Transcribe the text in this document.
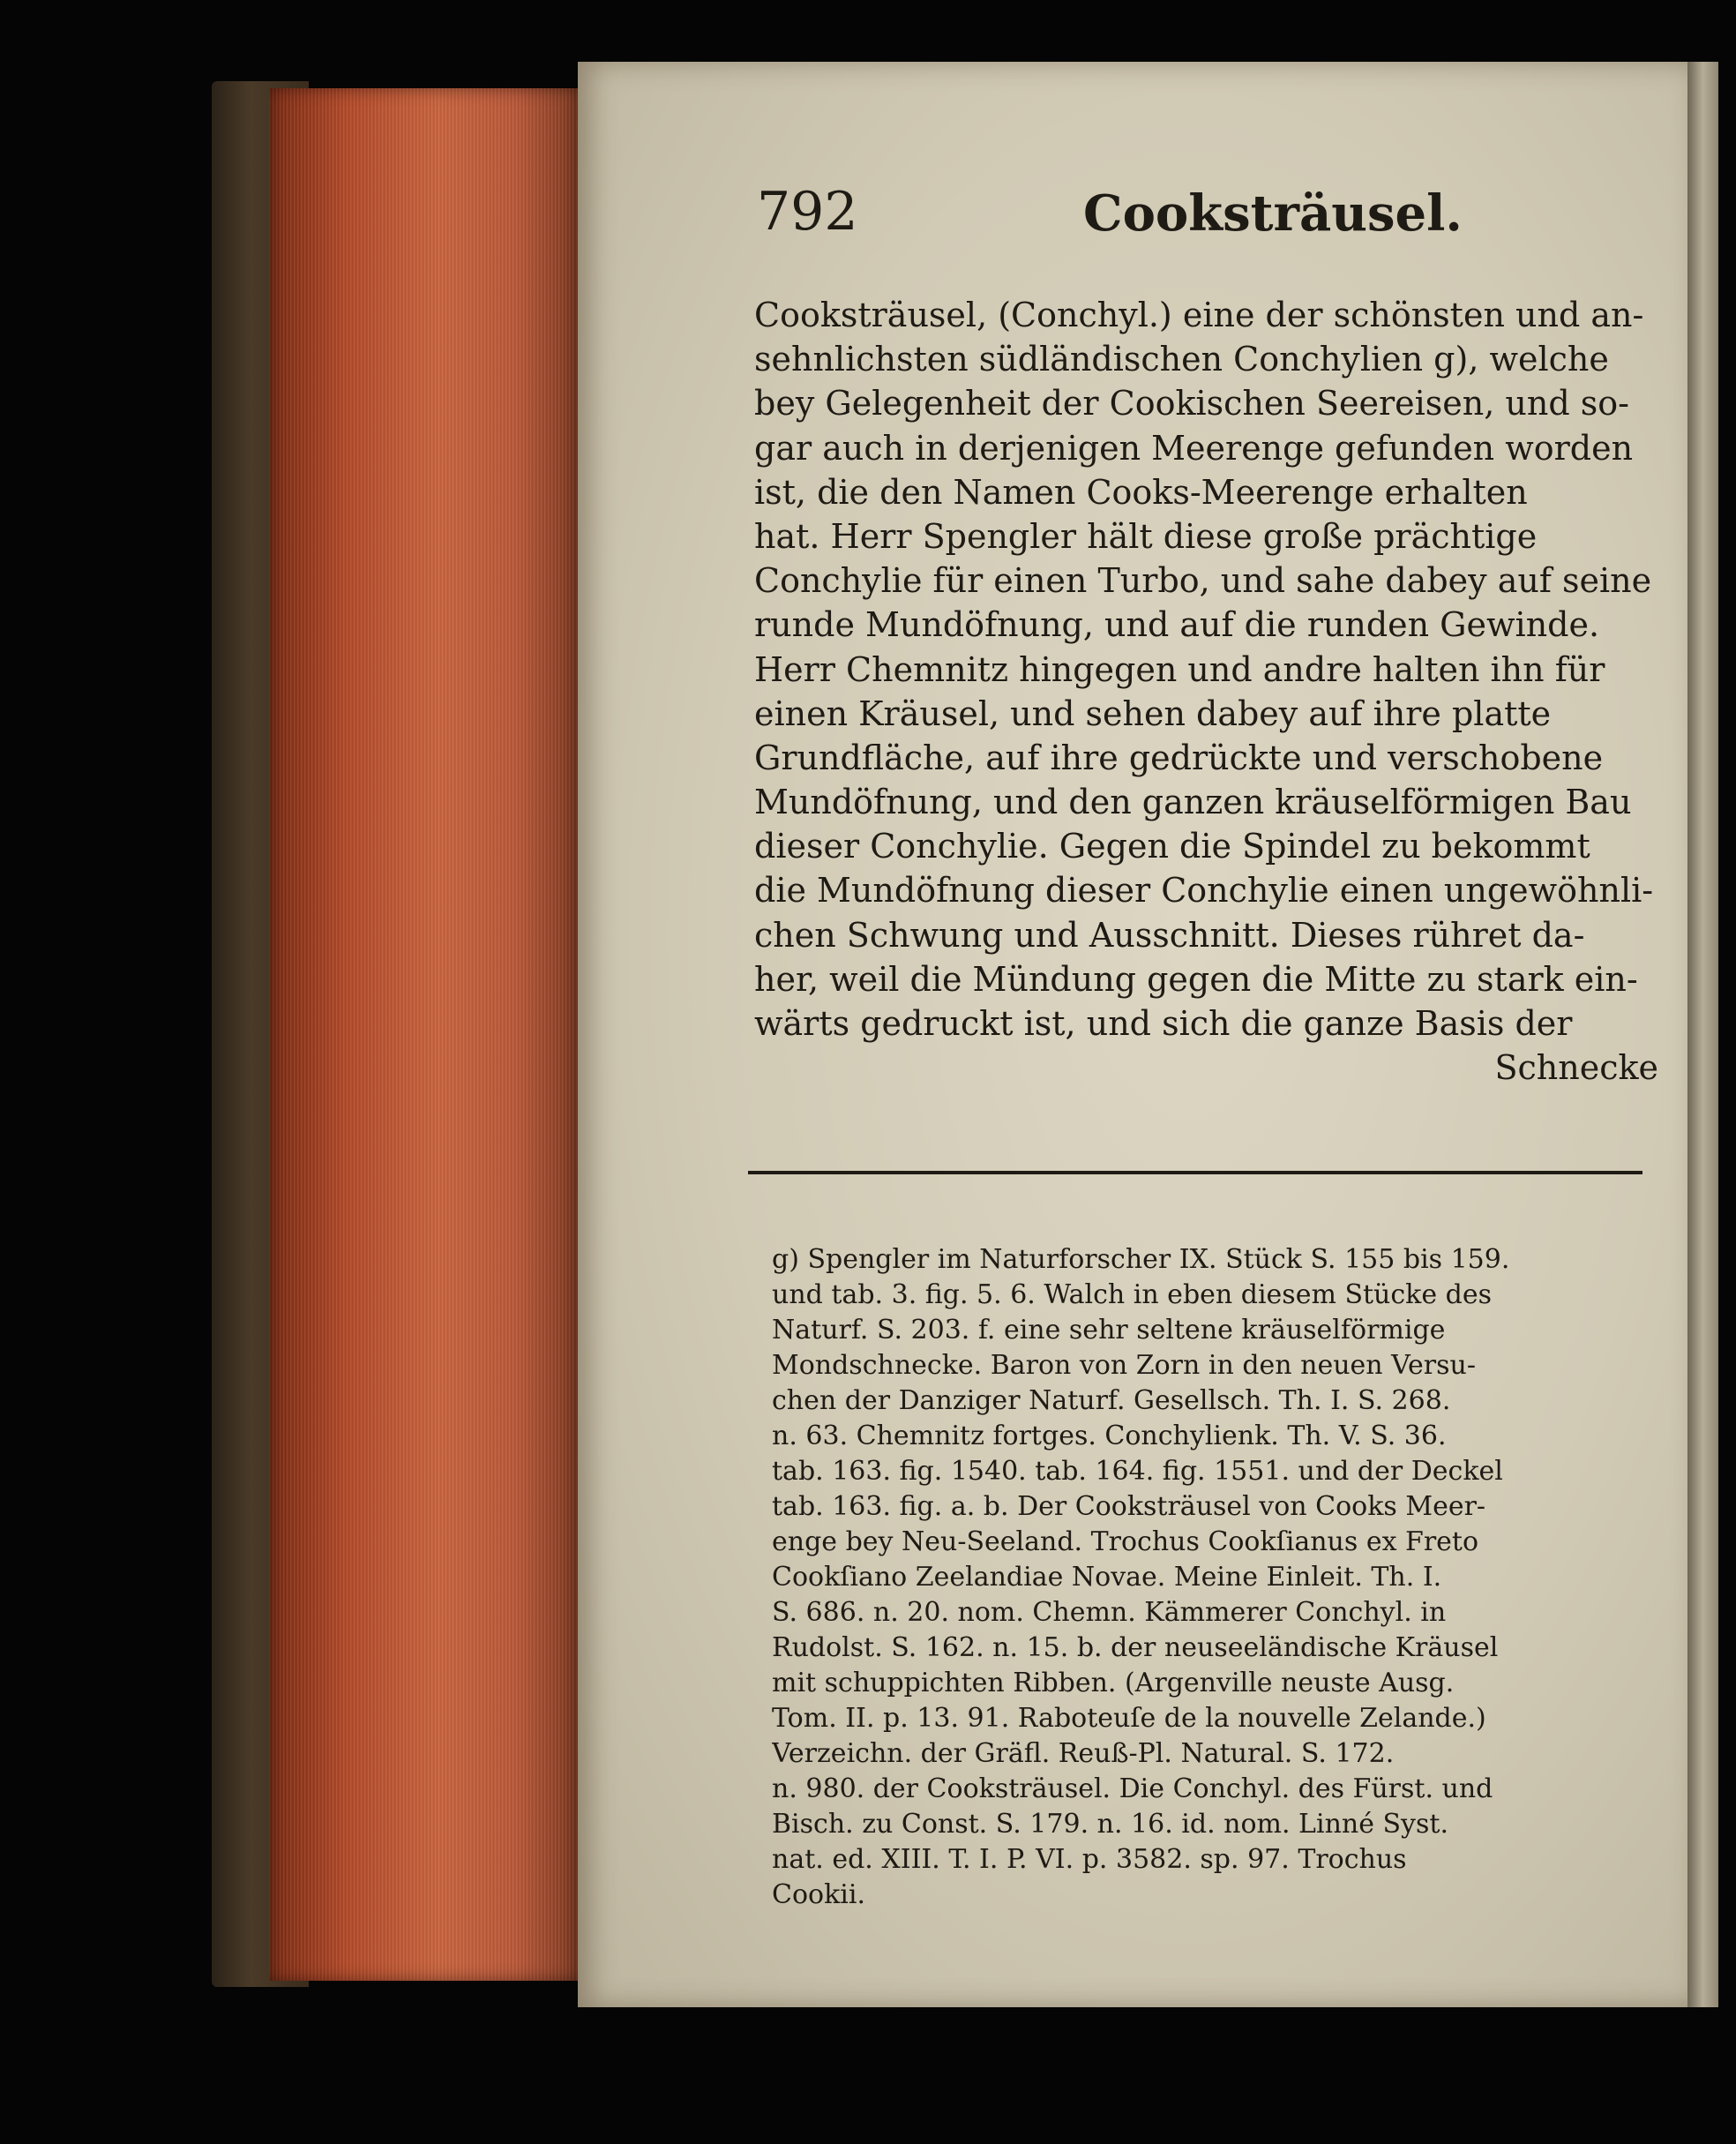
792	Cooksträusel.
Cooksträusel, (Conchyl.) eine der schönsten und an-
sehnlichsten südländischen Conchylien g), welche
bey Gelegenheit der Cookischen Seereisen, und so-
gar auch in derjenigen Meerenge gefunden worden
ist, die den Namen Cooks-Meerenge erhalten
hat. Herr Spengler hält diese große prächtige
Conchylie für einen Turbo, und sahe dabey auf seine
runde Mundöfnung, und auf die runden Gewinde.
Herr Chemnitz hingegen und andre halten ihn für
einen Kräusel, und sehen dabey auf ihre platte
Grundfläche, auf ihre gedrückte und verschobene
Mundöfnung, und den ganzen kräuselförmigen Bau
dieser Conchylie. Gegen die Spindel zu bekommt
die Mundöfnung dieser Conchylie einen ungewöhnli-
chen Schwung und Ausschnitt. Dieses rühret da-
her, weil die Mündung gegen die Mitte zu stark ein-
wärts gedruckt ist, und sich die ganze Basis der
Schnecke
g) Spengler im Naturforscher IX. Stück S. 155 bis 159.
und tab. 3. fig. 5. 6. Walch in eben diesem Stücke des
Naturf. S. 203. f. eine sehr seltene kräuselförmige
Mondschnecke. Baron von Zorn in den neuen Versu-
chen der Danziger Naturf. Gesellsch. Th. I. S. 268.
n. 63. Chemnitz fortges. Conchylienk. Th. V. S. 36.
tab. 163. fig. 1540. tab. 164. fig. 1551. und der Deckel
tab. 163. fig. a. b. Der Cooksträusel von Cooks Meer-
enge bey Neu-Seeland. Trochus Cookſianus ex Freto
Cookſiano Zeelandiae Novae. Meine Einleit. Th. I.
S. 686. n. 20. nom. Chemn. Kämmerer Conchyl. in
Rudolst. S. 162. n. 15. b. der neuseeländische Kräusel
mit schuppichten Ribben. (Argenville neuste Ausg.
Tom. II. p. 13. 91. Raboteuſe de la nouvelle Zelande.)
Verzeichn. der Gräfl. Reuß-Pl. Natural. S. 172.
n. 980. der Cooksträusel. Die Conchyl. des Fürst. und
Bisch. zu Const. S. 179. n. 16. id. nom. Linné Syst.
nat. ed. XIII. T. I. P. VI. p. 3582. sp. 97. Trochus
Cookii.
